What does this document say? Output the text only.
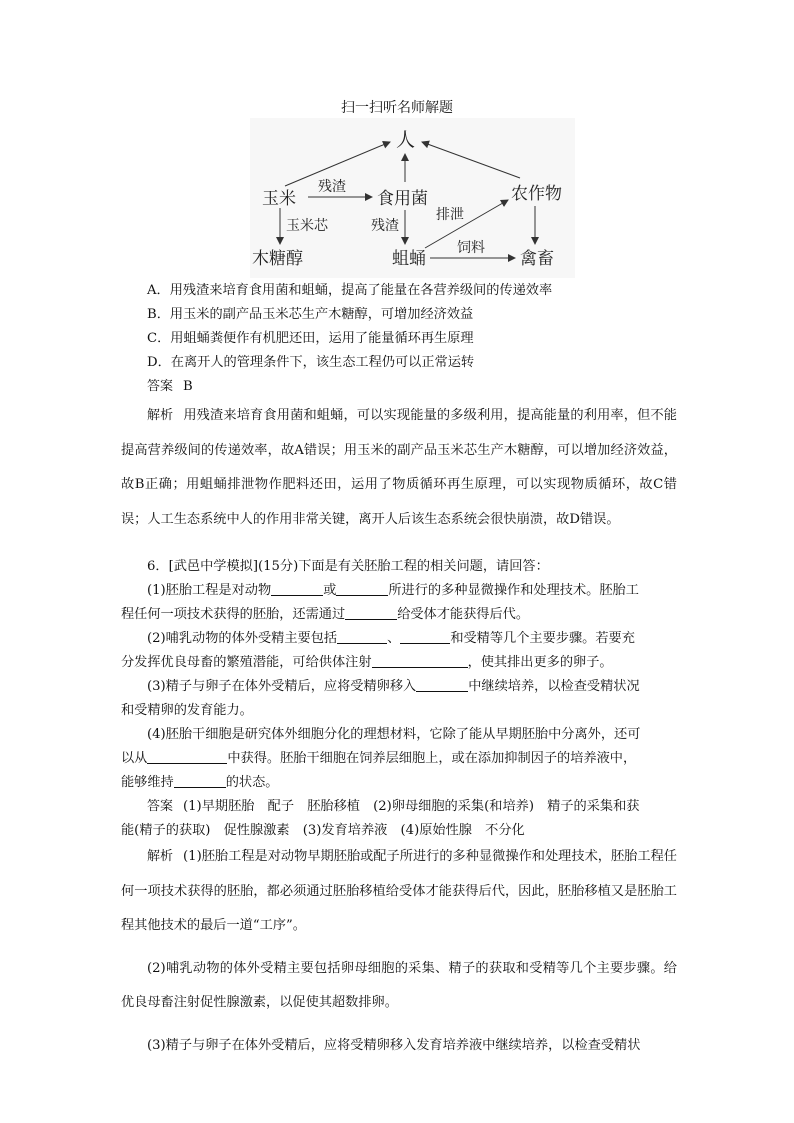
扫一扫听名师解题
人
玉米	食用菌	农作物
木糖醇	蛆蛹	禽畜
残渣
玉米芯	残渣
排泄
饲料
A．用残渣来培育食用菌和蛆蛹，提高了能量在各营养级间的传递效率
B．用玉米的副产品玉米芯生产木糖醇，可增加经济效益
C．用蛆蛹粪便作有机肥还田，运用了能量循环再生原理
D．在离开人的管理条件下，该生态工程仍可以正常运转
答案 B
解析 用残渣来培育食用菌和蛆蛹，可以实现能量的多级利用，提高能量的利用率，但不能提高营养级间的传递效率，故A错误；用玉米的副产品玉米芯生产木糖醇，可以增加经济效益，故B正确；用蛆蛹排泄物作肥料还田，运用了物质循环再生原理，可以实现物质循环，故C错误；人工生态系统中人的作用非常关键，离开人后该生态系统会很快崩溃，故D错误。
6．[武邑中学模拟](15分)下面是有关胚胎工程的相关问题，请回答：
(1)胚胎工程是对动物	或	所进行的多种显微操作和处理技术。胚胎工
程任何一项技术获得的胚胎，还需通过	给受体才能获得后代。
(2)哺乳动物的体外受精主要包括	、	和受精等几个主要步骤。若要充
分发挥优良母畜的繁殖潜能，可给供体注射	，使其排出更多的卵子。
(3)精子与卵子在体外受精后，应将受精卵移入	中继续培养，以检查受精状况
和受精卵的发育能力。
(4)胚胎干细胞是研究体外细胞分化的理想材料，它除了能从早期胚胎中分离外，还可
以从	中获得。胚胎干细胞在饲养层细胞上，或在添加抑制因子的培养液中，
能够维持	的状态。
答案 (1)早期胚胎　配子　胚胎移植　(2)卵母细胞的采集(和培养)　精子的采集和获
能(精子的获取)　促性腺激素　(3)发育培养液　(4)原始性腺　不分化
解析 (1)胚胎工程是对动物早期胚胎或配子所进行的多种显微操作和处理技术，胚胎工程任何一项技术获得的胚胎，都必须通过胚胎移植给受体才能获得后代，因此，胚胎移植又是胚胎工程其他技术的最后一道“工序”。
(2)哺乳动物的体外受精主要包括卵母细胞的采集、精子的获取和受精等几个主要步骤。给优良母畜注射促性腺激素，以促使其超数排卵。
(3)精子与卵子在体外受精后，应将受精卵移入发育培养液中继续培养，以检查受精状
